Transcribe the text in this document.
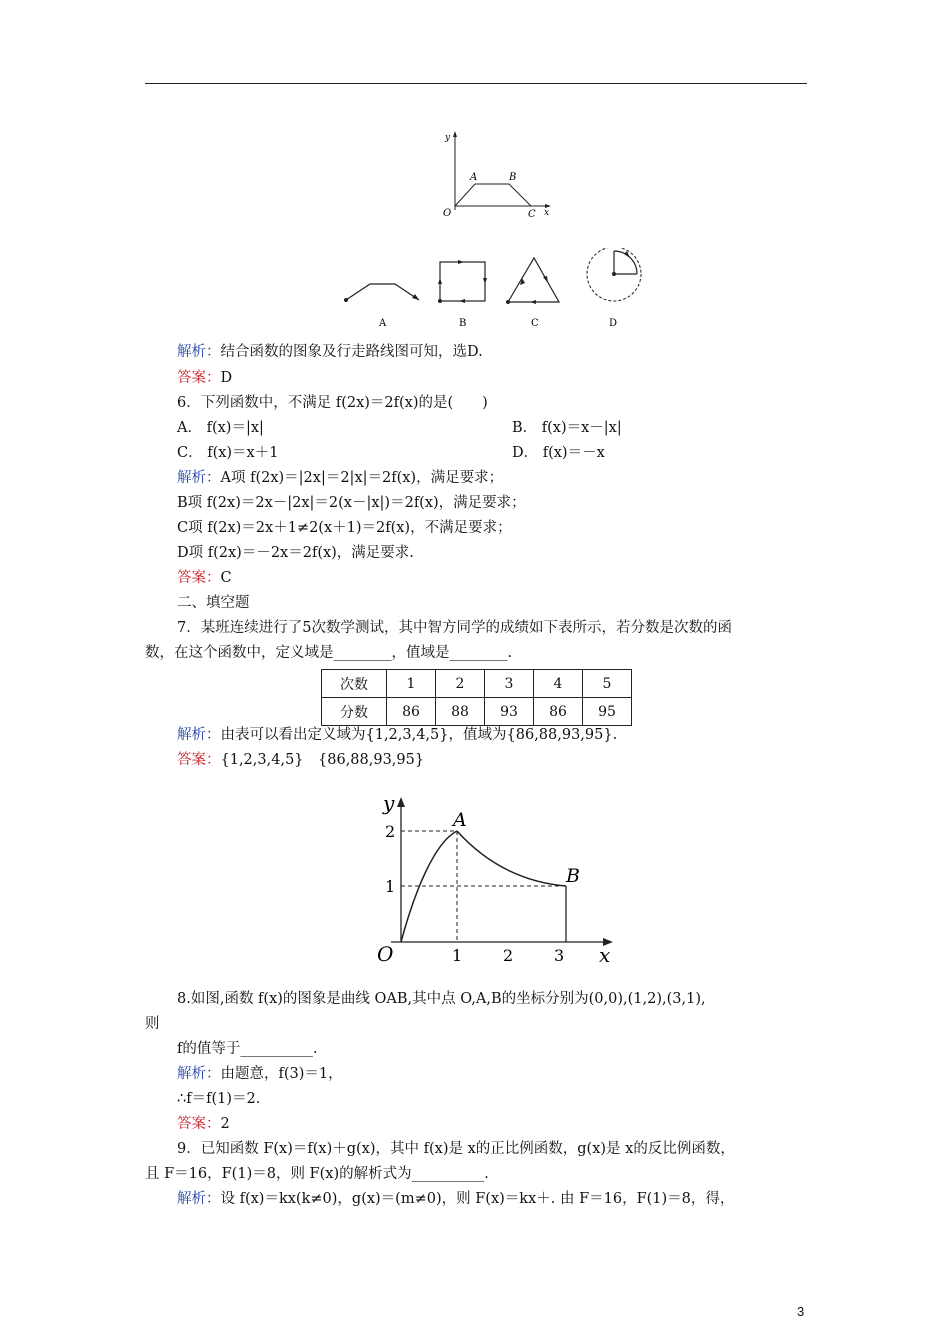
y
A	B
O	C x
A	B	C	D
解析：结合函数的图象及行走路线图可知，选D.
答案：D
6．下列函数中，不满足 f(2x)＝2f(x)的是(　　)
A． f(x)＝|x|	B． f(x)＝x－|x|
C． f(x)＝x＋1	D． f(x)＝－x
解析：A项 f(2x)＝|2x|＝2|x|＝2f(x)，满足要求；
B项 f(2x)＝2x－|2x|＝2(x－|x|)＝2f(x)，满足要求；
C项 f(2x)＝2x＋1≠2(x＋1)＝2f(x)，不满足要求；
D项 f(2x)＝－2x＝2f(x)，满足要求.
答案：C
二、填空题
7．某班连续进行了5次数学测试，其中智方同学的成绩如下表所示，若分数是次数的函
数，在这个函数中，定义域是________，值域是________.
次数	1	2	3	4	5
分数	86	88	93	86	95
解析：由表可以看出定义域为{1,2,3,4,5}，值域为{86,88,93,95}.
答案：{1,2,3,4,5}　{86,88,93,95}
y
x
O
A
B
2
1
1	2	3
8.如图,函数 f(x)的图象是曲线 OAB,其中点 O,A,B的坐标分别为(0,0),(1,2),(3,1),
则
f的值等于__________.
解析：由题意，f(3)＝1，
∴f＝f(1)＝2.
答案：2
9．已知函数 F(x)＝f(x)＋g(x)，其中 f(x)是 x的正比例函数，g(x)是 x的反比例函数，
且 F＝16，F(1)＝8，则 F(x)的解析式为__________.
解析：设 f(x)＝kx(k≠0)，g(x)＝(m≠0)，则 F(x)＝kx＋. 由 F＝16，F(1)＝8，得，
3
